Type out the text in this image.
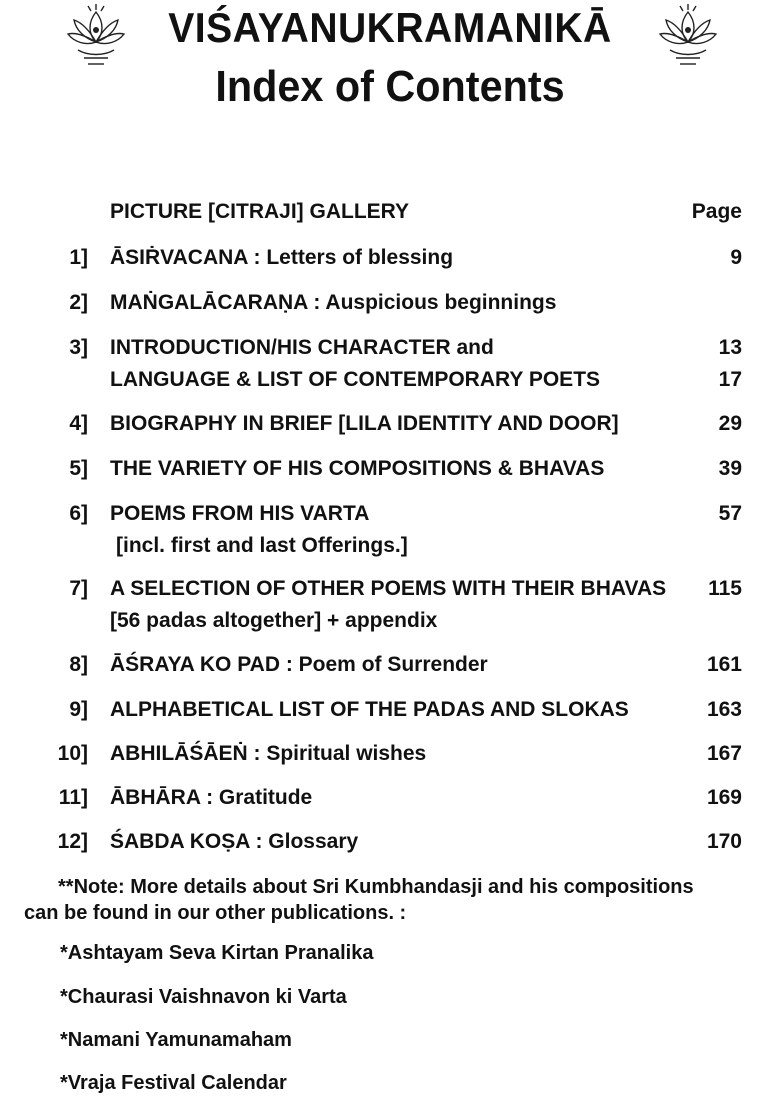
VIŚAYANUKRAMANIKĀ
Index of Contents
PICTURE [CITRAJI] GALLERY	Page
1] ĀSIṘVACANA : Letters of blessing	9
2] MAṄGALĀCARAṆA : Auspicious beginnings
3] INTRODUCTION/HIS CHARACTER and	13
LANGUAGE & LIST OF CONTEMPORARY POETS	17
4] BIOGRAPHY IN BRIEF [LILA IDENTITY AND DOOR]	29
5] THE VARIETY OF HIS COMPOSITIONS & BHAVAS	39
6] POEMS FROM HIS VARTA	57
[incl. first and last Offerings.]
7] A SELECTION OF OTHER POEMS WITH THEIR BHAVAS 115
[56 padas altogether] + appendix
8] ĀŚRAYA KO PAD : Poem of Surrender	161
9] ALPHABETICAL LIST OF THE PADAS AND SLOKAS	163
10] ABHILĀŚĀEṄ : Spiritual wishes	167
11] ĀBHĀRA : Gratitude	169
12] ŚABDA KOṢA : Glossary	170
**Note: More details about Sri Kumbhandasji and his compositions
can be found in our other publications. :
*Ashtayam Seva Kirtan Pranalika
*Chaurasi Vaishnavon ki Varta
*Namani Yamunamaham
*Vraja Festival Calendar
